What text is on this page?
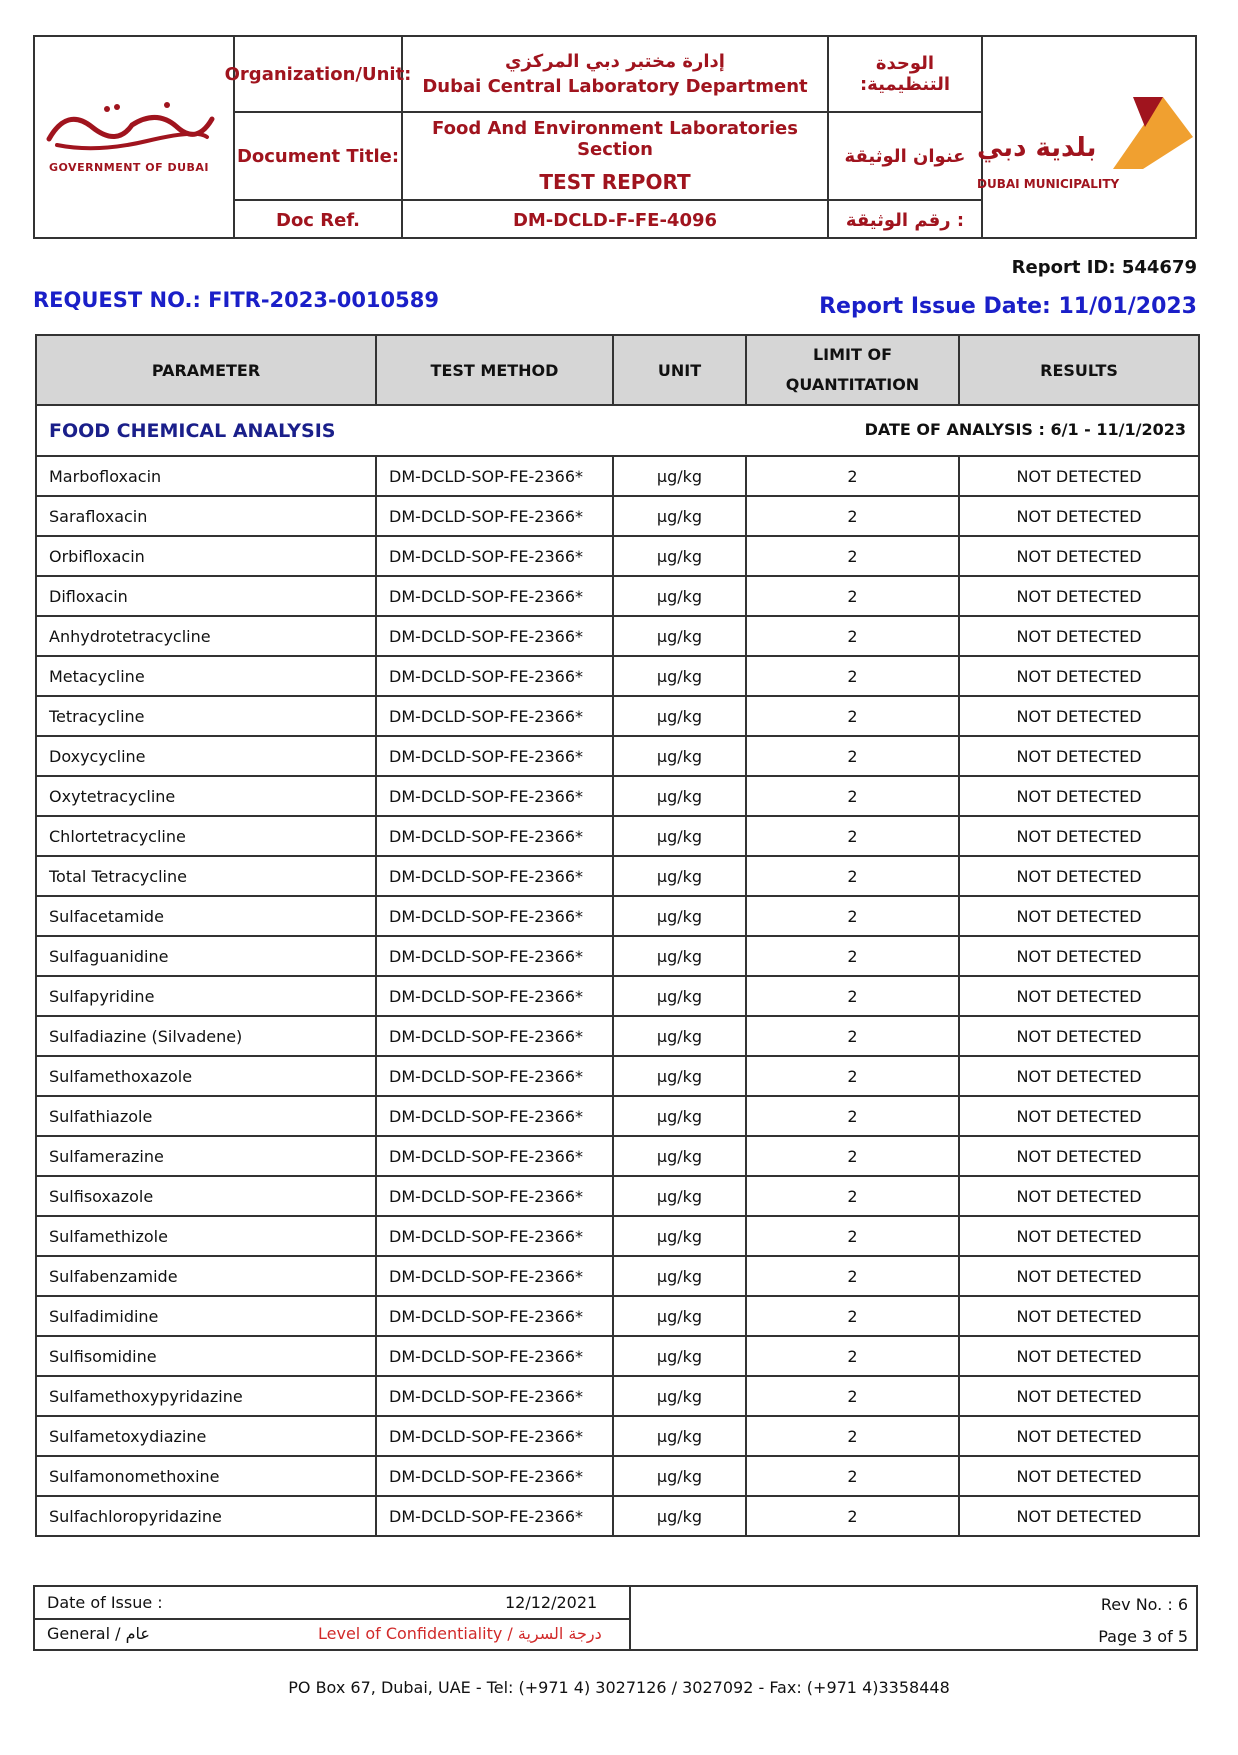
GOVERNMENT OF DUBAI
Organization/Unit:
إدارة مختبر دبي المركزي
Dubai Central Laboratory Department
الوحدة التنظيمية:
Document Title:
Food And Environment Laboratories Section
TEST REPORT
عنوان الوثيقة
Doc Ref.	DM-DCLD-F-FE-4096	: رقم الوثيقة
بلدية دبي
DUBAI MUNICIPALITY
Report ID: 544679
REQUEST NO.: FITR-2023-0010589	Report Issue Date: 11/01/2023
PARAMETER	TEST METHOD	UNIT	LIMIT OF QUANTITATION	RESULTS
FOOD CHEMICAL ANALYSIS DATE OF ANALYSIS : 6/1 - 11/1/2023				

Marbofloxacin	DM-DCLD-SOP-FE-2366*	µg/kg	2	NOT DETECTED
Sarafloxacin	DM-DCLD-SOP-FE-2366*	µg/kg	2	NOT DETECTED
Orbifloxacin	DM-DCLD-SOP-FE-2366*	µg/kg	2	NOT DETECTED
Difloxacin	DM-DCLD-SOP-FE-2366*	µg/kg	2	NOT DETECTED
Anhydrotetracycline	DM-DCLD-SOP-FE-2366*	µg/kg	2	NOT DETECTED
Metacycline	DM-DCLD-SOP-FE-2366*	µg/kg	2	NOT DETECTED
Tetracycline	DM-DCLD-SOP-FE-2366*	µg/kg	2	NOT DETECTED
Doxycycline	DM-DCLD-SOP-FE-2366*	µg/kg	2	NOT DETECTED
Oxytetracycline	DM-DCLD-SOP-FE-2366*	µg/kg	2	NOT DETECTED
Chlortetracycline	DM-DCLD-SOP-FE-2366*	µg/kg	2	NOT DETECTED
Total Tetracycline	DM-DCLD-SOP-FE-2366*	µg/kg	2	NOT DETECTED
Sulfacetamide	DM-DCLD-SOP-FE-2366*	µg/kg	2	NOT DETECTED
Sulfaguanidine	DM-DCLD-SOP-FE-2366*	µg/kg	2	NOT DETECTED
Sulfapyridine	DM-DCLD-SOP-FE-2366*	µg/kg	2	NOT DETECTED
Sulfadiazine (Silvadene)	DM-DCLD-SOP-FE-2366*	µg/kg	2	NOT DETECTED
Sulfamethoxazole	DM-DCLD-SOP-FE-2366*	µg/kg	2	NOT DETECTED
Sulfathiazole	DM-DCLD-SOP-FE-2366*	µg/kg	2	NOT DETECTED
Sulfamerazine	DM-DCLD-SOP-FE-2366*	µg/kg	2	NOT DETECTED
Sulfisoxazole	DM-DCLD-SOP-FE-2366*	µg/kg	2	NOT DETECTED
Sulfamethizole	DM-DCLD-SOP-FE-2366*	µg/kg	2	NOT DETECTED
Sulfabenzamide	DM-DCLD-SOP-FE-2366*	µg/kg	2	NOT DETECTED
Sulfadimidine	DM-DCLD-SOP-FE-2366*	µg/kg	2	NOT DETECTED
Sulfisomidine	DM-DCLD-SOP-FE-2366*	µg/kg	2	NOT DETECTED
Sulfamethoxypyridazine	DM-DCLD-SOP-FE-2366*	µg/kg	2	NOT DETECTED
Sulfametoxydiazine	DM-DCLD-SOP-FE-2366*	µg/kg	2	NOT DETECTED
Sulfamonomethoxine	DM-DCLD-SOP-FE-2366*	µg/kg	2	NOT DETECTED
Sulfachloropyridazine	DM-DCLD-SOP-FE-2366*	µg/kg	2	NOT DETECTED
Date of Issue :	12/12/2021	Rev No. : 6
General / عام	Level of Confidentiality / درجة السرية	Page 3 of 5
PO Box 67, Dubai, UAE - Tel: (+971 4) 3027126 / 3027092 - Fax: (+971 4)3358448
